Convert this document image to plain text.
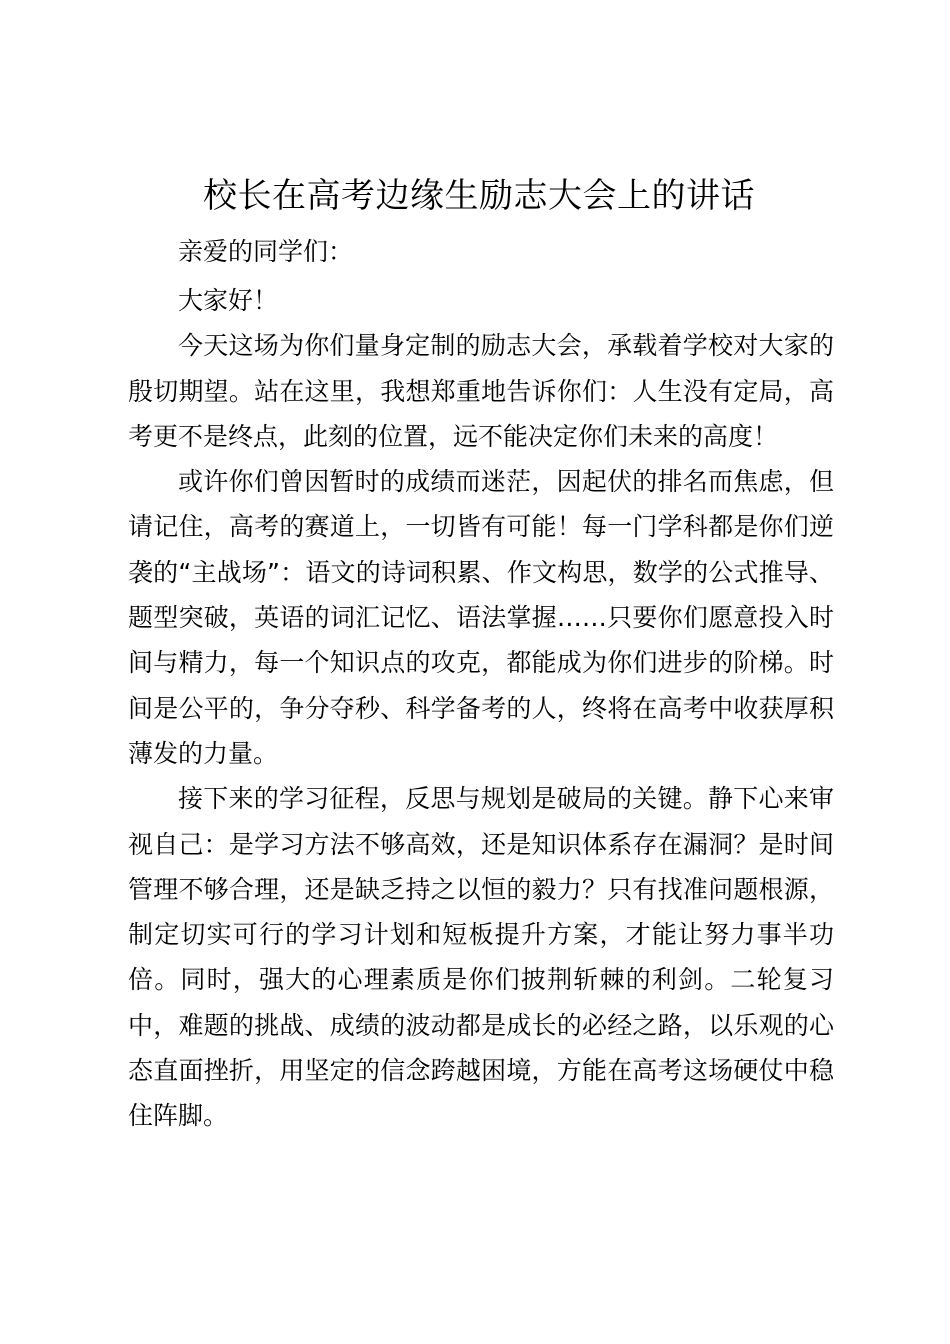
校长在高考边缘生励志大会上的讲话

亲爱的同学们：

大家好！

今天这场为你们量身定制的励志大会，承载着学校对大家的殷切期望。站在这里，我想郑重地告诉你们：人生没有定局，高考更不是终点，此刻的位置，远不能决定你们未来的高度！

或许你们曾因暂时的成绩而迷茫，因起伏的排名而焦虑，但请记住，高考的赛道上，一切皆有可能！每一门学科都是你们逆袭的“主战场”：语文的诗词积累、作文构思，数学的公式推导、题型突破，英语的词汇记忆、语法掌握……只要你们愿意投入时间与精力，每一个知识点的攻克，都能成为你们进步的阶梯。时间是公平的，争分夺秒、科学备考的人，终将在高考中收获厚积薄发的力量。

接下来的学习征程，反思与规划是破局的关键。静下心来审视自己：是学习方法不够高效，还是知识体系存在漏洞？是时间管理不够合理，还是缺乏持之以恒的毅力？只有找准问题根源，制定切实可行的学习计划和短板提升方案，才能让努力事半功倍。同时，强大的心理素质是你们披荆斩棘的利剑。二轮复习中，难题的挑战、成绩的波动都是成长的必经之路，以乐观的心态直面挫折，用坚定的信念跨越困境，方能在高考这场硬仗中稳住阵脚。
